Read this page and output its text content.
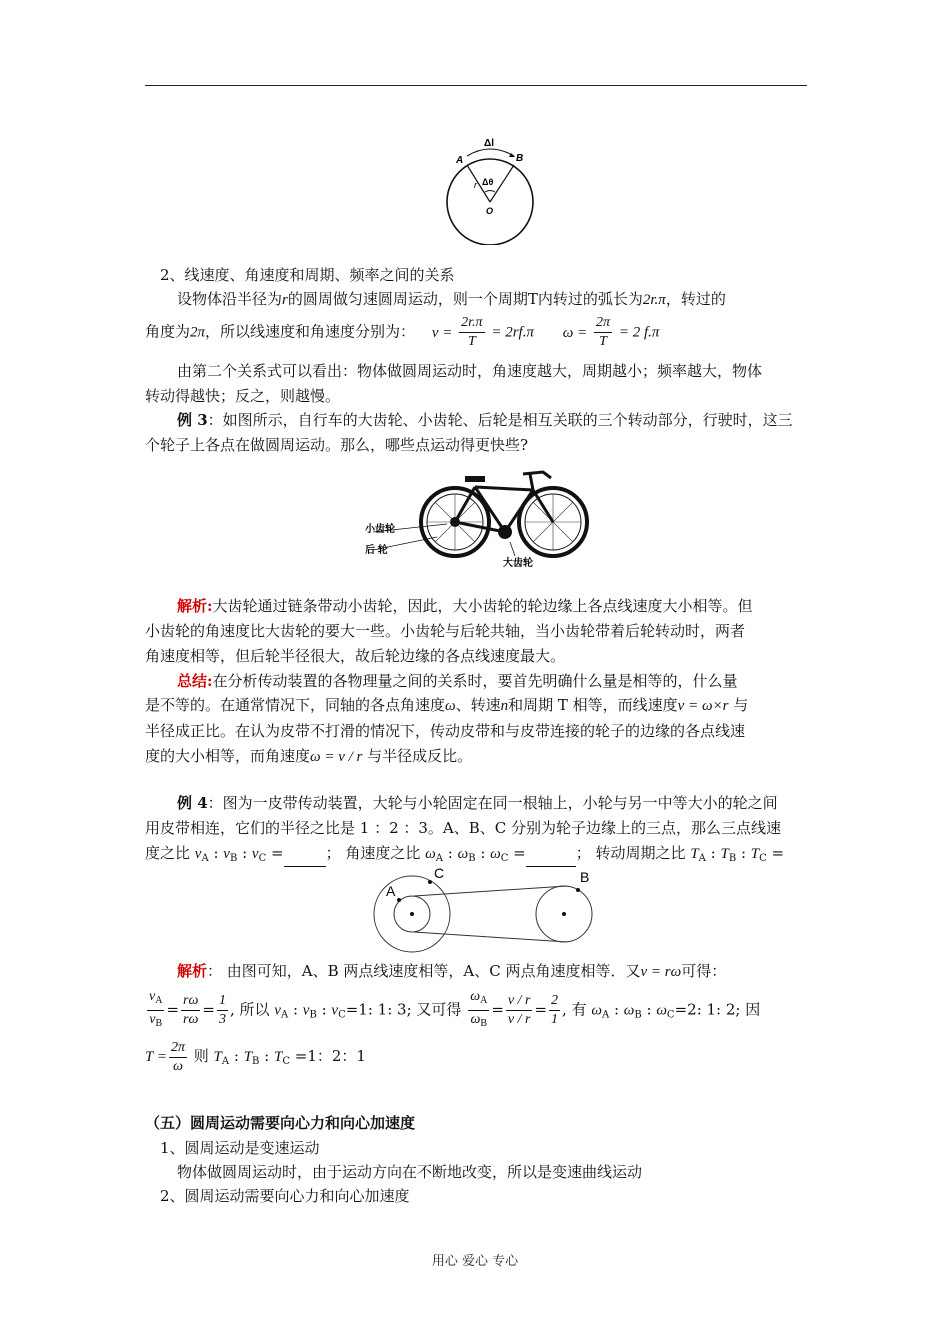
A	B
Δl
r Δθ
O
2、线速度、角速度和周期、频率之间的关系
设物体沿半径为r的圆周做匀速圆周运动，则一个周期T内转过的弧长为2r.π，转过的
角度为2π，所以线速度和角速度分别为： $v = \frac{2r.\pi}{T} = 2rf.\pi$ $\omega = \frac{2\pi}{T} = 2$ f.π
由第二个关系式可以看出：物体做圆周运动时，角速度越大，周期越小；频率越大，物体
转动得越快；反之，则越慢。
例 3：如图所示，自行车的大齿轮、小齿轮、后轮是相互关联的三个转动部分，行驶时，这三
个轮子上各点在做圆周运动。那么，哪些点运动得更快些?
小齿轮
后 轮
大齿轮
解析:大齿轮通过链条带动小齿轮，因此，大小齿轮的轮边缘上各点线速度大小相等。但
小齿轮的角速度比大齿轮的要大一些。小齿轮与后轮共轴，当小齿轮带着后轮转动时，两者
角速度相等，但后轮半径很大，故后轮边缘的各点线速度最大。
总结:在分析传动装置的各物理量之间的关系时，要首先明确什么量是相等的，什么量
是不等的。在通常情况下，同轴的各点角速度ω、转速n和周期 T 相等，而线速度v = ω×r 与
半径成正比。在认为皮带不打滑的情况下，传动皮带和与皮带连接的轮子的边缘的各点线速
度的大小相等，而角速度ω = v / r 与半径成反比。
例 4：图为一皮带传动装置，大轮与小轮固定在同一根轴上，小轮与另一中等大小的轮之间
用皮带相连，它们的半径之比是 1 ：2 ：3。A、B、C 分别为轮子边缘上的三点，那么三点线速
度之比 $v_A$ : $v_B$ : $v_C$ =	； 角速度之比 $\omega_A$ : $\omega_B$ : $\omega_C$ =	； 转动周期之比 $T_A$ : $T_B$ : $T_C$ =
A
C	B
解析： 由图可知，A、B 两点线速度相等，A、C 两点角速度相等．又v = rω可得：
$\frac{v_A}{v_B} = \frac{r\omega}{r\omega} = \frac{1}{3}$ , 所以 $v_A$ : $v_B$ : $v_C=1$: 1: 3; 又可得 $\frac{\omega_A}{\omega_B} = \frac{v / r}{v / r} = \frac{2}{1}$ , 有 $\omega_A$ : $\omega_B$ : $\omega_C=2$: 1: 2; 因
$T = \frac{2\pi}{\omega}$ 则 $T_A$ : $T_B$ : $T_C =1$：2：1
（五）圆周运动需要向心力和向心加速度
1、圆周运动是变速运动
物体做圆周运动时，由于运动方向在不断地改变，所以是变速曲线运动
2、圆周运动需要向心力和向心加速度
用心 爱心 专心
